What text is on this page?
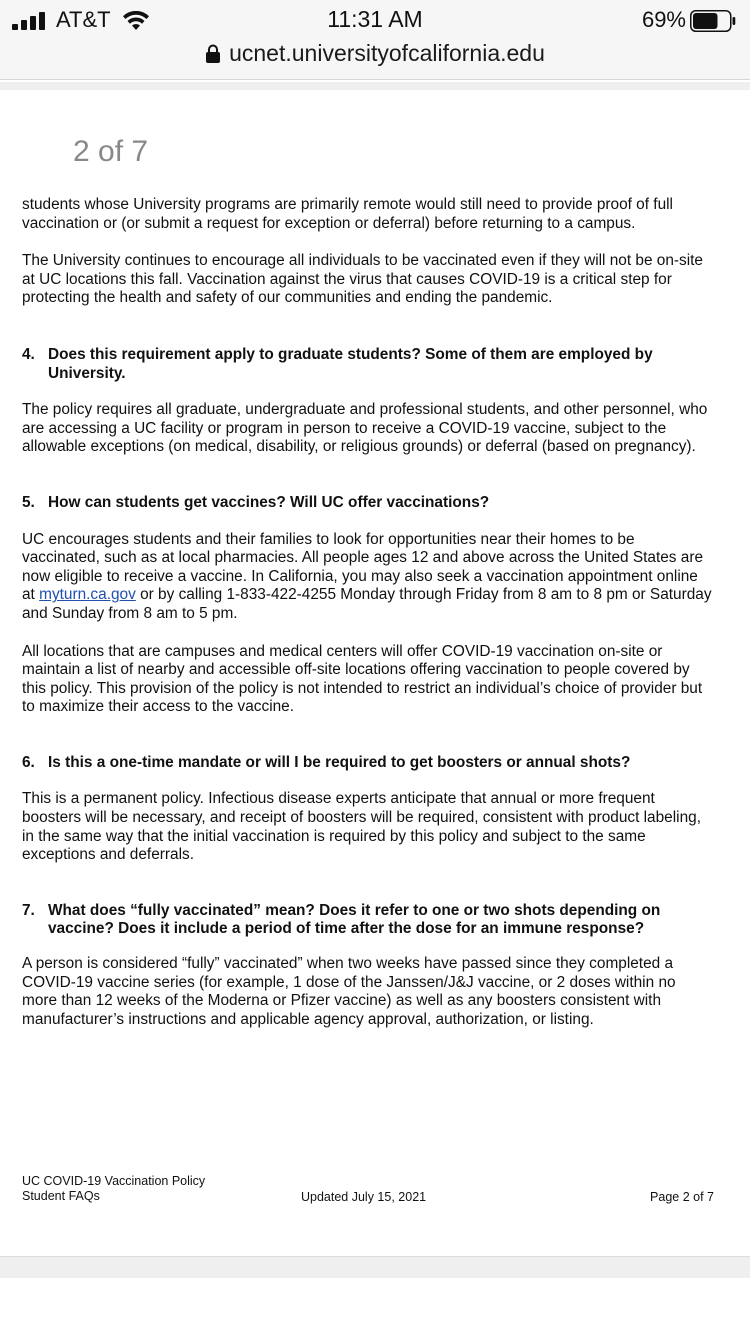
AT&T	11:31 AM	69%
ucnet.universityofcalifornia.edu
2 of 7

students whose University programs are primarily remote would still need to provide proof of full vaccination or (or submit a request for exception or deferral) before returning to a campus.

The University continues to encourage all individuals to be vaccinated even if they will not be on-site at UC locations this fall. Vaccination against the virus that causes COVID-19 is a critical step for protecting the health and safety of our communities and ending the pandemic.

4. Does this requirement apply to graduate students? Some of them are employed by University.

The policy requires all graduate, undergraduate and professional students, and other personnel, who are accessing a UC facility or program in person to receive a COVID-19 vaccine, subject to the allowable exceptions (on medical, disability, or religious grounds) or deferral (based on pregnancy).

5. How can students get vaccines? Will UC offer vaccinations?

UC encourages students and their families to look for opportunities near their homes to be vaccinated, such as at local pharmacies. All people ages 12 and above across the United States are now eligible to receive a vaccine. In California, you may also seek a vaccination appointment online at myturn.ca.gov or by calling 1-833-422-4255 Monday through Friday from 8 am to 8 pm or Saturday and Sunday from 8 am to 5 pm.

All locations that are campuses and medical centers will offer COVID-19 vaccination on-site or maintain a list of nearby and accessible off-site locations offering vaccination to people covered by this policy. This provision of the policy is not intended to restrict an individual’s choice of provider but to maximize their access to the vaccine.

6. Is this a one-time mandate or will I be required to get boosters or annual shots?

This is a permanent policy. Infectious disease experts anticipate that annual or more frequent boosters will be necessary, and receipt of boosters will be required, consistent with product labeling, in the same way that the initial vaccination is required by this policy and subject to the same exceptions and deferrals.

7. What does “fully vaccinated” mean? Does it refer to one or two shots depending on vaccine? Does it include a period of time after the dose for an immune response?

A person is considered “fully” vaccinated” when two weeks have passed since they completed a COVID-19 vaccine series (for example, 1 dose of the Janssen/J&J vaccine, or 2 doses within no more than 12 weeks of the Moderna or Pfizer vaccine) as well as any boosters consistent with manufacturer’s instructions and applicable agency approval, authorization, or listing.

UC COVID-19 Vaccination Policy
Student FAQs	Updated July 15, 2021	Page 2 of 7
